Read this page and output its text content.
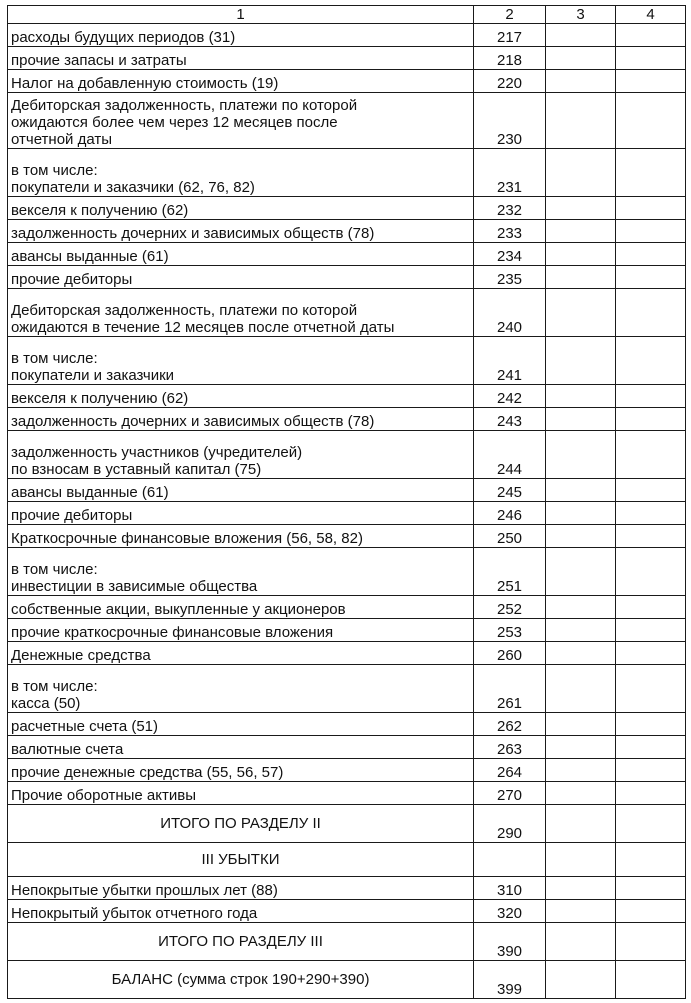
1	2	3	4

расходы будущих периодов (31)	217		

прочие запасы и затраты	218		

Налог на добавленную стоимость (19)	220		

Дебиторская задолженность, платежи по которой
ожидаются более чем через 12 месяцев после
отчетной даты	230		

в том числе:
покупатели и заказчики (62, 76, 82)	231		

векселя к получению (62)	232		

задолженность дочерних и зависимых обществ (78)	233		

авансы выданные (61)	234		

прочие дебиторы	235		

Дебиторская задолженность, платежи по которой
ожидаются в течение 12 месяцев после отчетной даты	240		

в том числе:
покупатели и заказчики	241		

векселя к получению (62)	242		

задолженность дочерних и зависимых обществ (78)	243		

задолженность участников (учредителей)
по взносам в уставный капитал (75)	244		

авансы выданные (61)	245		

прочие дебиторы	246		

Краткосрочные финансовые вложения (56, 58, 82)	250		

в том числе:
инвестиции в зависимые общества	251		

собственные акции, выкупленные у акционеров	252		

прочие краткосрочные финансовые вложения	253		

Денежные средства	260		

в том числе:
касса (50)	261		

расчетные счета (51)	262		

валютные счета	263		

прочие денежные средства (55, 56, 57)	264		

Прочие оборотные активы	270		

ИТОГО ПО РАЗДЕЛУ II	290		

III УБЫТКИ			

Непокрытые убытки прошлых лет (88)	310		

Непокрытый убыток отчетного года	320		

ИТОГО ПО РАЗДЕЛУ III	390		

БАЛАНС (сумма строк 190+290+390)	399		
